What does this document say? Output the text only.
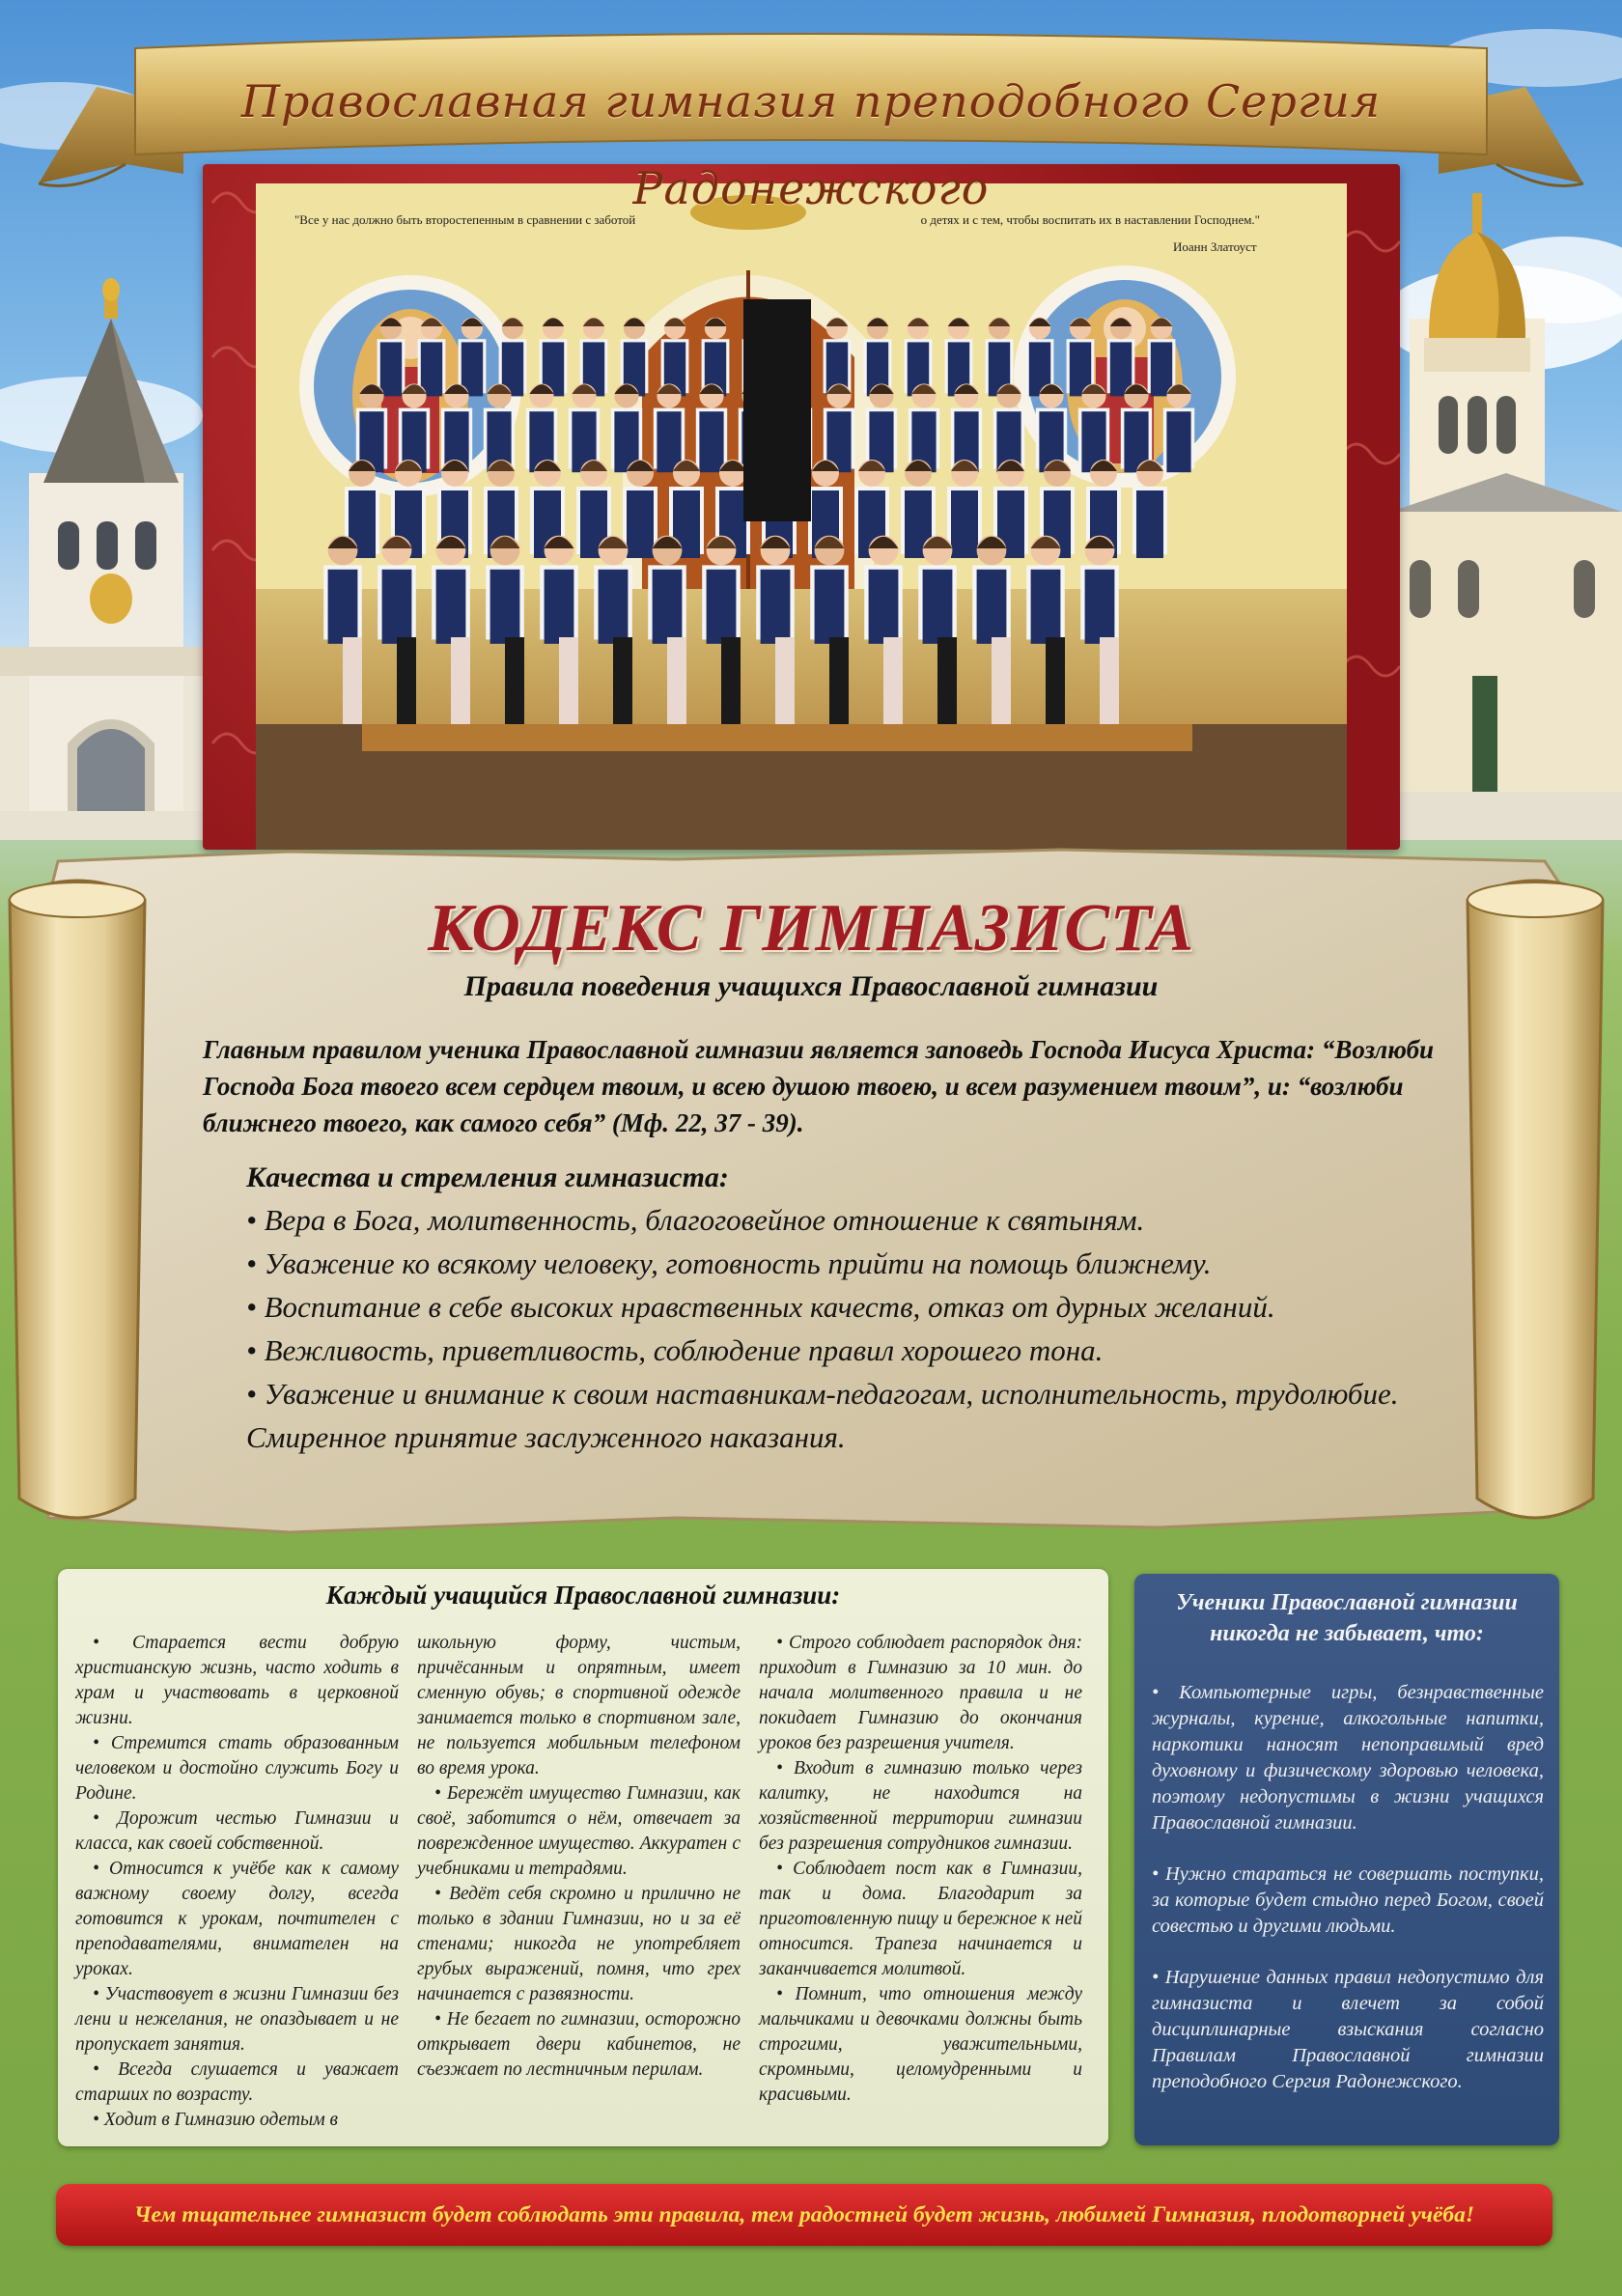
"Все у нас должно быть второстепенным в сравнении с заботой	о детях и с тем, чтобы воспитать их в наставлении Господнем."
Иоанн Златоуст
Православная гимназия преподобного Сергия Радонежского
КОДЕКС ГИМНАЗИСТА
Правила поведения учащихся Православной гимназии
Главным правилом ученика Православной гимназии является заповедь Господа Иисуса Христа: “Возлюби Господа Бога твоего всем сердцем твоим, и всею душою твоею, и всем разумением твоим”, и: “возлюби ближнего твоего, как самого себя” (Мф. 22, 37 - 39).
Качества и стремления гимназиста:
• Вера в Бога, молитвенность, благоговейное отношение к святыням.
• Уважение ко всякому человеку, готовность прийти на помощь ближнему.
• Воспитание в себе высоких нравственных качеств, отказ от дурных желаний.
• Вежливость, приветливость, соблюдение правил хорошего тона.
• Уважение и внимание к своим наставникам-педагогам, исполнительность, трудолюбие. Смиренное принятие заслуженного наказания.
Каждый учащийся Православной гимназии:

• Старается вести добрую христианскую жизнь, часто ходить в храм и участвовать в церковной жизни.

• Стремится стать образованным человеком и достойно служить Богу и Родине.

• Дорожит честью Гимназии и класса, как своей собственной.

• Относится к учёбе как к самому важному своему долгу, всегда готовится к урокам, почтителен с преподавателями, внимателен на уроках.

• Участвовует в жизни Гимназии без лени и нежелания, не опаздывает и не пропускает занятия.

• Всегда слушается и уважает старших по возрасту.

• Ходит в Гимназию одетым в

школьную форму, чистым, причёсанным и опрятным, имеет сменную обувь; в спортивной одежде занимается только в спортивном зале, не пользуется мобильным телефоном во время урока.

• Бережёт имущество Гимназии, как своё, заботится о нём, отвечает за поврежденное имущество. Аккуратен с учебниками и тетрадями.

• Ведёт себя скромно и прилично не только в здании Гимназии, но и за её стенами; никогда не употребляет грубых выражений, помня, что грех начинается с развязности.

• Не бегает по гимназии, осторожно открывает двери кабинетов, не съезжает по лестничным перилам.

• Строго соблюдает распорядок дня: приходит в Гимназию за 10 мин. до начала молитвенного правила и не покидает Гимназию до окончания уроков без разрешения учителя.

• Входит в гимназию только через калитку, не находится на хозяйственной территории гимназии без разрешения сотрудников гимназии.

• Соблюдает пост как в Гимназии, так и дома. Благодарит за приготовленную пищу и бережное к ней относится. Трапеза начинается и заканчивается молитвой.

• Помнит, что отношения между мальчиками и девочками должны быть строгими, уважительными, скромными, целомудренными и красивыми.

Ученики Православной гимназии никогда не забывает, что:

• Компьютерные игры, безнравственные журналы, курение, алкогольные напитки, наркотики наносят непоправимый вред духовному и физическому здоровью человека, поэтому недопустимы в жизни учащихся Православной гимназии.

• Нужно стараться не совершать поступки, за которые будет стыдно перед Богом, своей совестью и другими людьми.

• Нарушение данных правил недопустимо для гимназиста и влечет за собой дисциплинарные взыскания согласно Правилам Православной гимназии преподобного Сергия Радонежского.

Чем тщательнее гимназист будет соблюдать эти правила, тем радостней будет жизнь, любимей Гимназия, плодотворней учёба!
